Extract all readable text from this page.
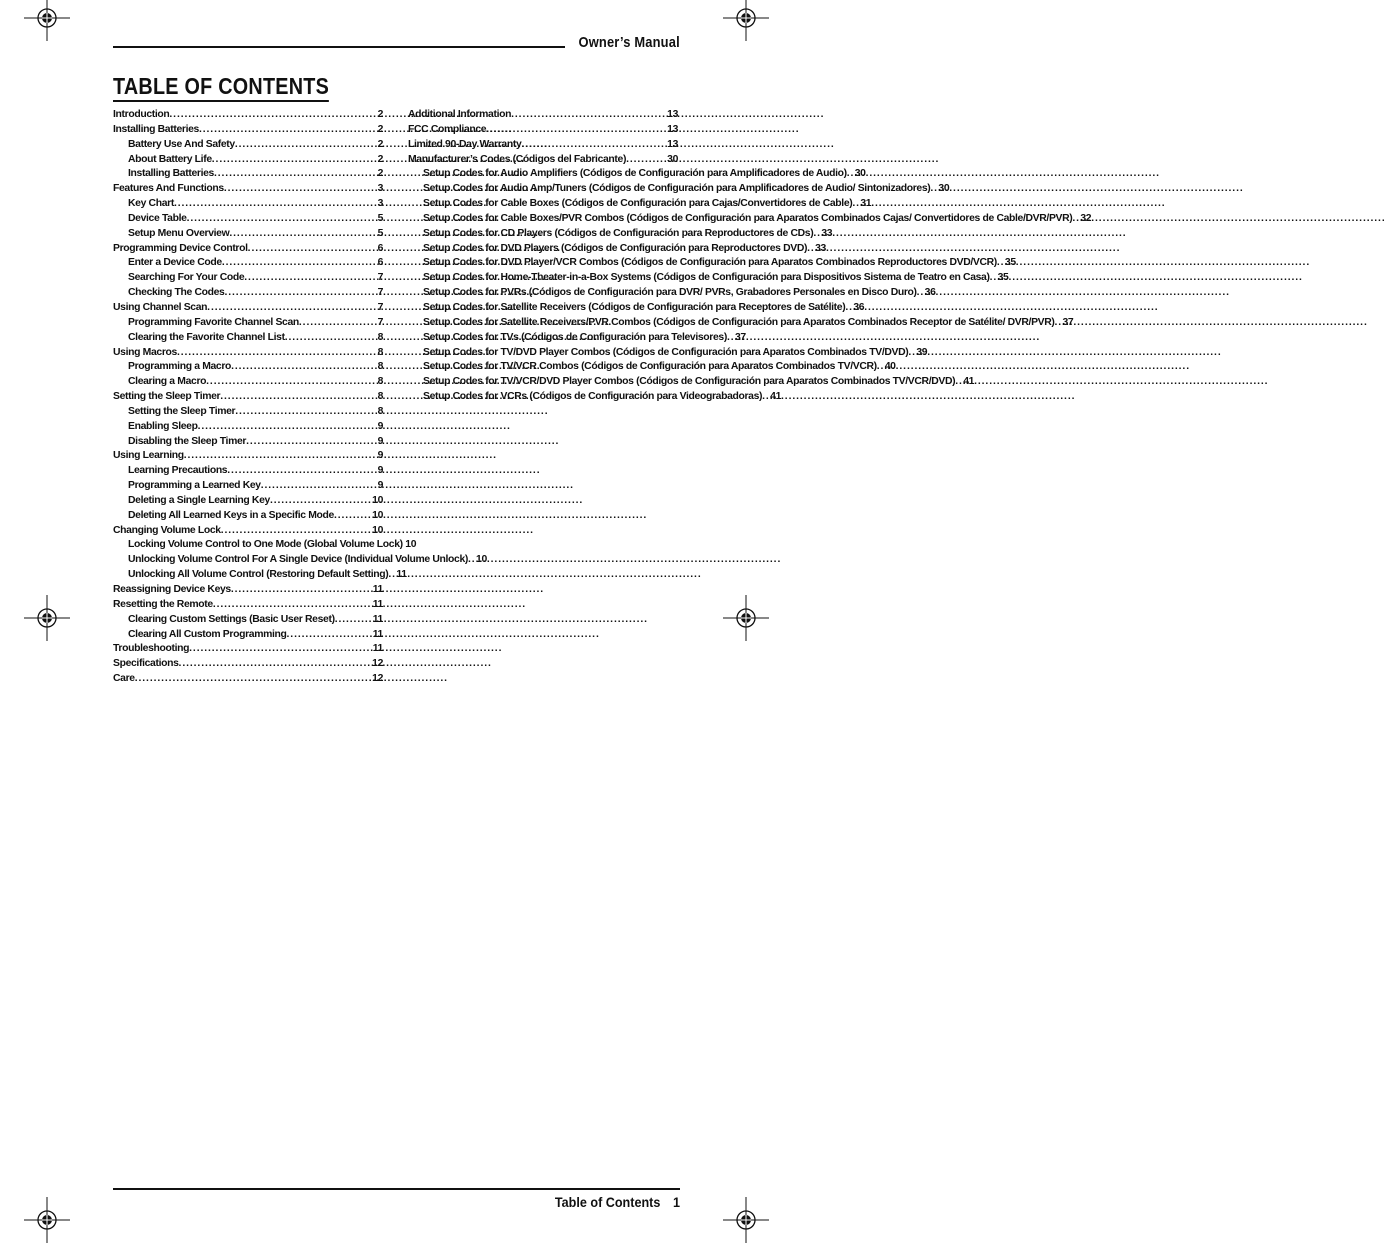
Owner’s Manual
TABLE OF CONTENTS
Introduction . . .	2
Installing Batteries . . .	2
Battery Use And Safety . . .	2
About Battery Life . . .	2
Installing Batteries . . .	2
Features And Functions . . .	3
Key Chart . . .	3
Device Table . . .	5
Setup Menu Overview . . .	5
Programming Device Control . . .	6
Enter a Device Code . . .	6
Searching For Your Code . . .	7
Checking The Codes . . .	7
Using Channel Scan . . .	7
Programming Favorite Channel Scan . . .	7
Clearing the Favorite Channel List . . .	8
Using Macros . . .	8
Programming a Macro . . .	8
Clearing a Macro . . .	8
Setting the Sleep Timer . . .	8
Setting the Sleep Timer . . .	8
Enabling Sleep . . .	9
Disabling the Sleep Timer . . .	9
Using Learning . . .	9
Learning Precautions . . .	9
Programming a Learned Key . . .	9
Deleting a Single Learning Key . . .	10
Deleting All Learned Keys in a Specific Mode . . .	10
Changing Volume Lock . . .	10
Locking Volume Control to One Mode (Global Volume Lock) 10
Unlocking Volume Control For A Single Device (Individual Volume Unlock) . . . 10
Unlocking All Volume Control (Restoring Default Setting) . . . 11
Reassigning Device Keys . . .	11
Resetting the Remote . . .	11
Clearing Custom Settings (Basic User Reset) . . .	11
Clearing All Custom Programming . . .	11
Troubleshooting . . .	11
Specifications . . .	12
Care . . .	12
Additional Information . . .	13
FCC Compliance . . .	13
Limited 90-Day Warranty . . .	13
Manufacturer’s Codes (Códigos del Fabricante) . . .	30
Setup Codes for Audio Amplifiers (Códigos de Configuración para Amplificadores de Audio) . . . 30
Setup Codes for Audio Amp/Tuners (Códigos de Configuración para Amplificadores de Audio/ Sintonizadores) . . . 30
Setup Codes for Cable Boxes (Códigos de Configuración para Cajas/Convertidores de Cable) . . . 31
Setup Codes for Cable Boxes/PVR Combos (Códigos de Configuración para Aparatos Combinados Cajas/ Convertidores de Cable/DVR/PVR) . . . 32
Setup Codes for CD Players (Códigos de Configuración para Reproductores de CDs) . . . 33
Setup Codes for DVD Players (Códigos de Configuración para Reproductores DVD) . . . 33
Setup Codes for DVD Player/VCR Combos (Códigos de Configuración para Aparatos Combinados Reproductores DVD/VCR) . . . 35
Setup Codes for Home-Theater-in-a-Box Systems (Códigos de Configuración para Dispositivos Sistema de Teatro en Casa) . . . 35
Setup Codes for PVRs (Códigos de Configuración para DVR/ PVRs, Grabadores Personales en Disco Duro) . . . 36
Setup Codes for Satellite Receivers (Códigos de Configuración para Receptores de Satélite) . . . 36
Setup Codes for Satellite Receivers/PVR Combos (Códigos de Configuración para Aparatos Combinados Receptor de Satélite/ DVR/PVR) . . . 37
Setup Codes for TVs (Códigos de Configuración para Televisores) . . . 37
Setup Codes for TV/DVD Player Combos (Códigos de Configuración para Aparatos Combinados TV/DVD) . . . 39
Setup Codes for TV/VCR Combos (Códigos de Configuración para Aparatos Combinados TV/VCR) . . . 40
Setup Codes for TV/VCR/DVD Player Combos (Códigos de Configuración para Aparatos Combinados TV/VCR/DVD) . . . 41
Setup Codes for VCRs (Códigos de Configuración para Videograbadoras) . . . 41
Table of Contents 1
